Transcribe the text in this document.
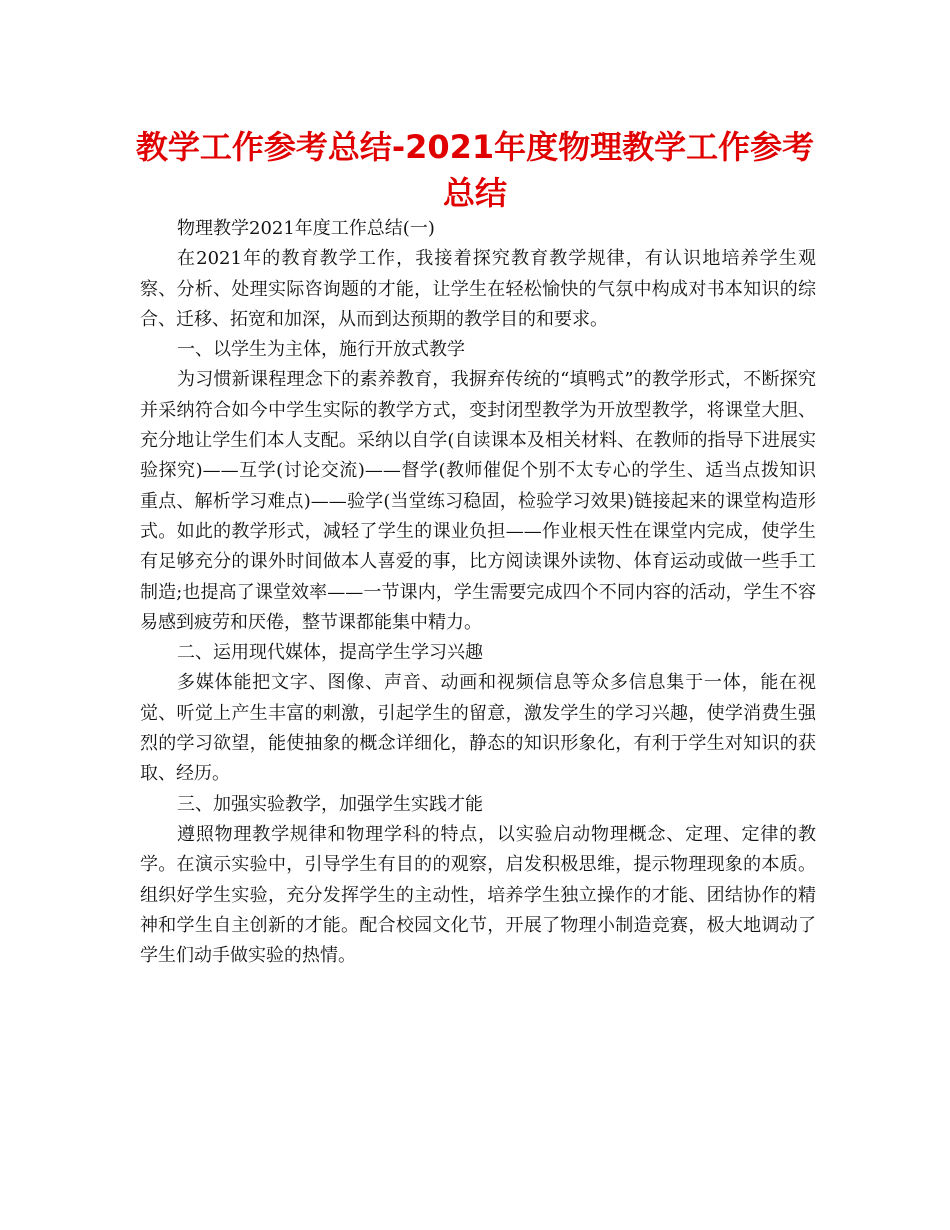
教学工作参考总结-2021年度物理教学工作参考总结

物理教学2021年度工作总结(一)

在2021年的教育教学工作，我接着探究教育教学规律，有认识地培养学生观察、分析、处理实际咨询题的才能，让学生在轻松愉快的气氛中构成对书本知识的综合、迁移、拓宽和加深，从而到达预期的教学目的和要求。

一、以学生为主体，施行开放式教学

为习惯新课程理念下的素养教育，我摒弃传统的“填鸭式”的教学形式，不断探究并采纳符合如今中学生实际的教学方式，变封闭型教学为开放型教学，将课堂大胆、充分地让学生们本人支配。采纳以自学(自读课本及相关材料、在教师的指导下进展实验探究)——互学(讨论交流)——督学(教师催促个别不太专心的学生、适当点拨知识重点、解析学习难点)——验学(当堂练习稳固，检验学习效果)链接起来的课堂构造形式。如此的教学形式，减轻了学生的课业负担——作业根天性在课堂内完成，使学生有足够充分的课外时间做本人喜爱的事，比方阅读课外读物、体育运动或做一些手工制造;也提高了课堂效率——一节课内，学生需要完成四个不同内容的活动，学生不容易感到疲劳和厌倦，整节课都能集中精力。

二、运用现代媒体，提高学生学习兴趣

多媒体能把文字、图像、声音、动画和视频信息等众多信息集于一体，能在视觉、听觉上产生丰富的刺激，引起学生的留意，激发学生的学习兴趣，使学消费生强烈的学习欲望，能使抽象的概念详细化，静态的知识形象化，有利于学生对知识的获取、经历。

三、加强实验教学，加强学生实践才能

遵照物理教学规律和物理学科的特点，以实验启动物理概念、定理、定律的教学。在演示实验中，引导学生有目的的观察，启发积极思维，提示物理现象的本质。组织好学生实验，充分发挥学生的主动性，培养学生独立操作的才能、团结协作的精神和学生自主创新的才能。配合校园文化节，开展了物理小制造竞赛，极大地调动了学生们动手做实验的热情。
